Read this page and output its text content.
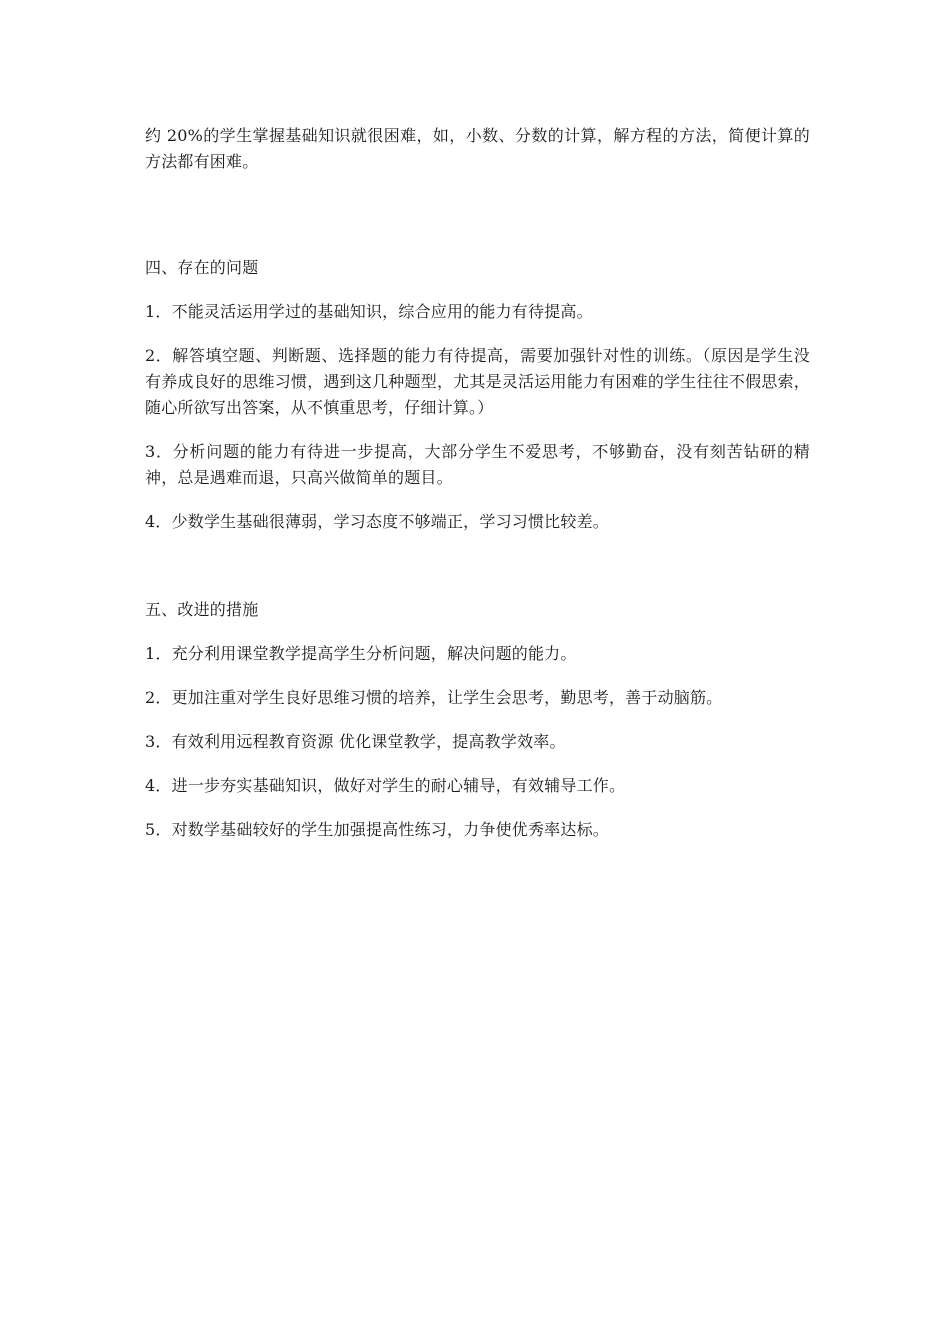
约 20%的学生掌握基础知识就很困难，如，小数、分数的计算，解方程的方法，简便计算的方法都有困难。

四、存在的问题

1．不能灵活运用学过的基础知识，综合应用的能力有待提高。

2．解答填空题、判断题、选择题的能力有待提高，需要加强针对性的训练。（原因是学生没有养成良好的思维习惯，遇到这几种题型，尤其是灵活运用能力有困难的学生往往不假思索，随心所欲写出答案，从不慎重思考，仔细计算。）

3．分析问题的能力有待进一步提高，大部分学生不爱思考，不够勤奋，没有刻苦钻研的精神，总是遇难而退，只高兴做简单的题目。

4．少数学生基础很薄弱，学习态度不够端正，学习习惯比较差。

五、改进的措施

1．充分利用课堂教学提高学生分析问题，解决问题的能力。

2．更加注重对学生良好思维习惯的培养，让学生会思考，勤思考，善于动脑筋。

3．有效利用远程教育资源 优化课堂教学，提高教学效率。

4．进一步夯实基础知识，做好对学生的耐心辅导，有效辅导工作。

5．对数学基础较好的学生加强提高性练习，力争使优秀率达标。
